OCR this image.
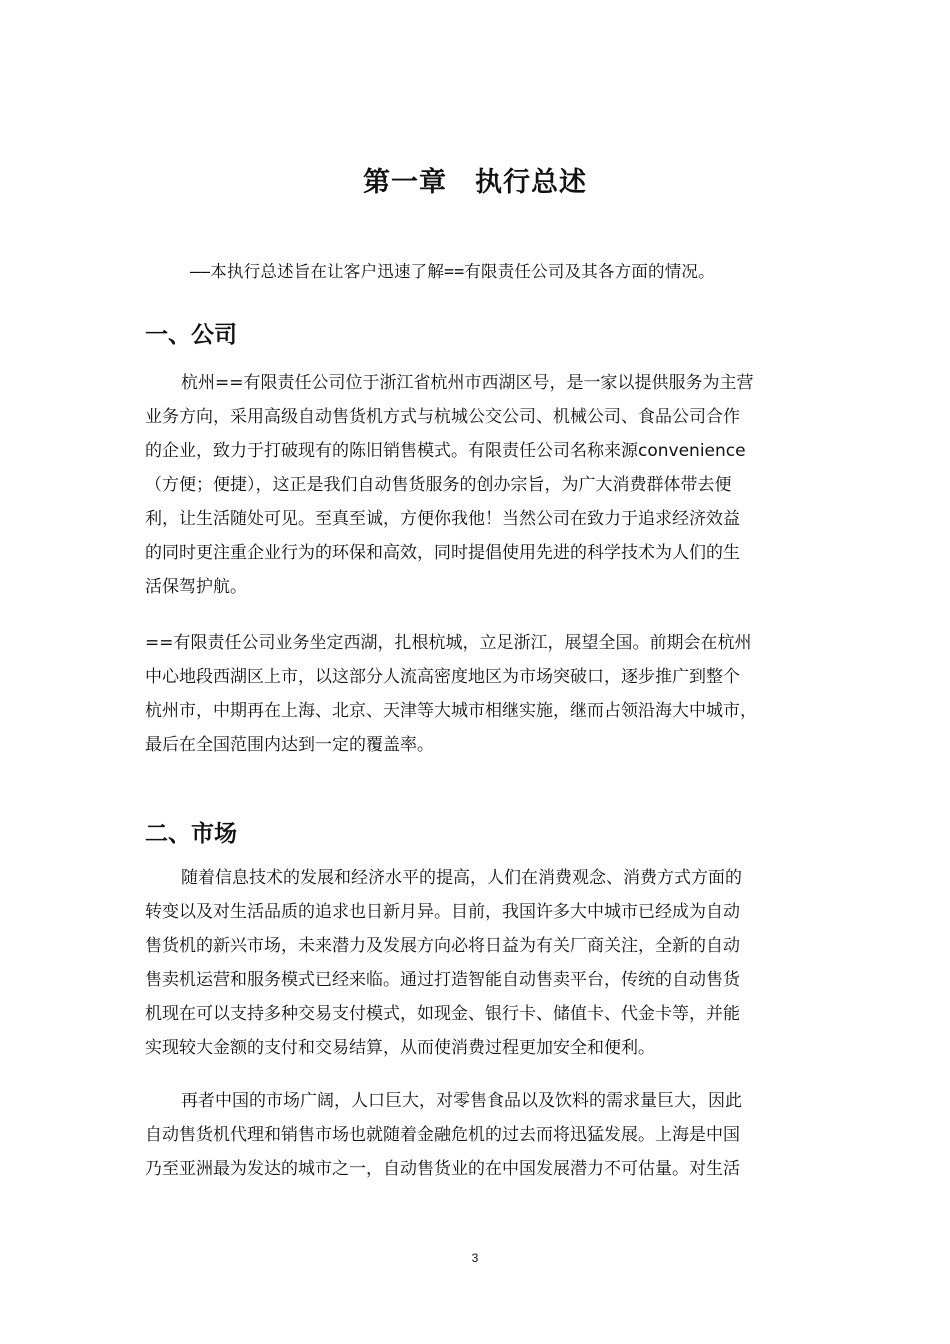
第一章　执行总述
——本执行总述旨在让客户迅速了解==有限责任公司及其各方面的情况。
一、公司
杭州==有限责任公司位于浙江省杭州市西湖区号，是一家以提供服务为主营
业务方向，采用高级自动售货机方式与杭城公交公司、机械公司、食品公司合作
的企业，致力于打破现有的陈旧销售模式。有限责任公司名称来源convenience
（方便；便捷），这正是我们自动售货服务的创办宗旨，为广大消费群体带去便
利，让生活随处可见。至真至诚，方便你我他！当然公司在致力于追求经济效益
的同时更注重企业行为的环保和高效，同时提倡使用先进的科学技术为人们的生
活保驾护航。
==有限责任公司业务坐定西湖，扎根杭城，立足浙江，展望全国。前期会在杭州
中心地段西湖区上市，以这部分人流高密度地区为市场突破口，逐步推广到整个
杭州市，中期再在上海、北京、天津等大城市相继实施，继而占领沿海大中城市，
最后在全国范围内达到一定的覆盖率。
二、市场
随着信息技术的发展和经济水平的提高，人们在消费观念、消费方式方面的
转变以及对生活品质的追求也日新月异。目前，我国许多大中城市已经成为自动
售货机的新兴市场，未来潜力及发展方向必将日益为有关厂商关注，全新的自动
售卖机运营和服务模式已经来临。通过打造智能自动售卖平台，传统的自动售货
机现在可以支持多种交易支付模式，如现金、银行卡、储值卡、代金卡等，并能
实现较大金额的支付和交易结算，从而使消费过程更加安全和便利。
再者中国的市场广阔，人口巨大，对零售食品以及饮料的需求量巨大，因此
自动售货机代理和销售市场也就随着金融危机的过去而将迅猛发展。上海是中国
乃至亚洲最为发达的城市之一，自动售货业的在中国发展潜力不可估量。对生活
3
